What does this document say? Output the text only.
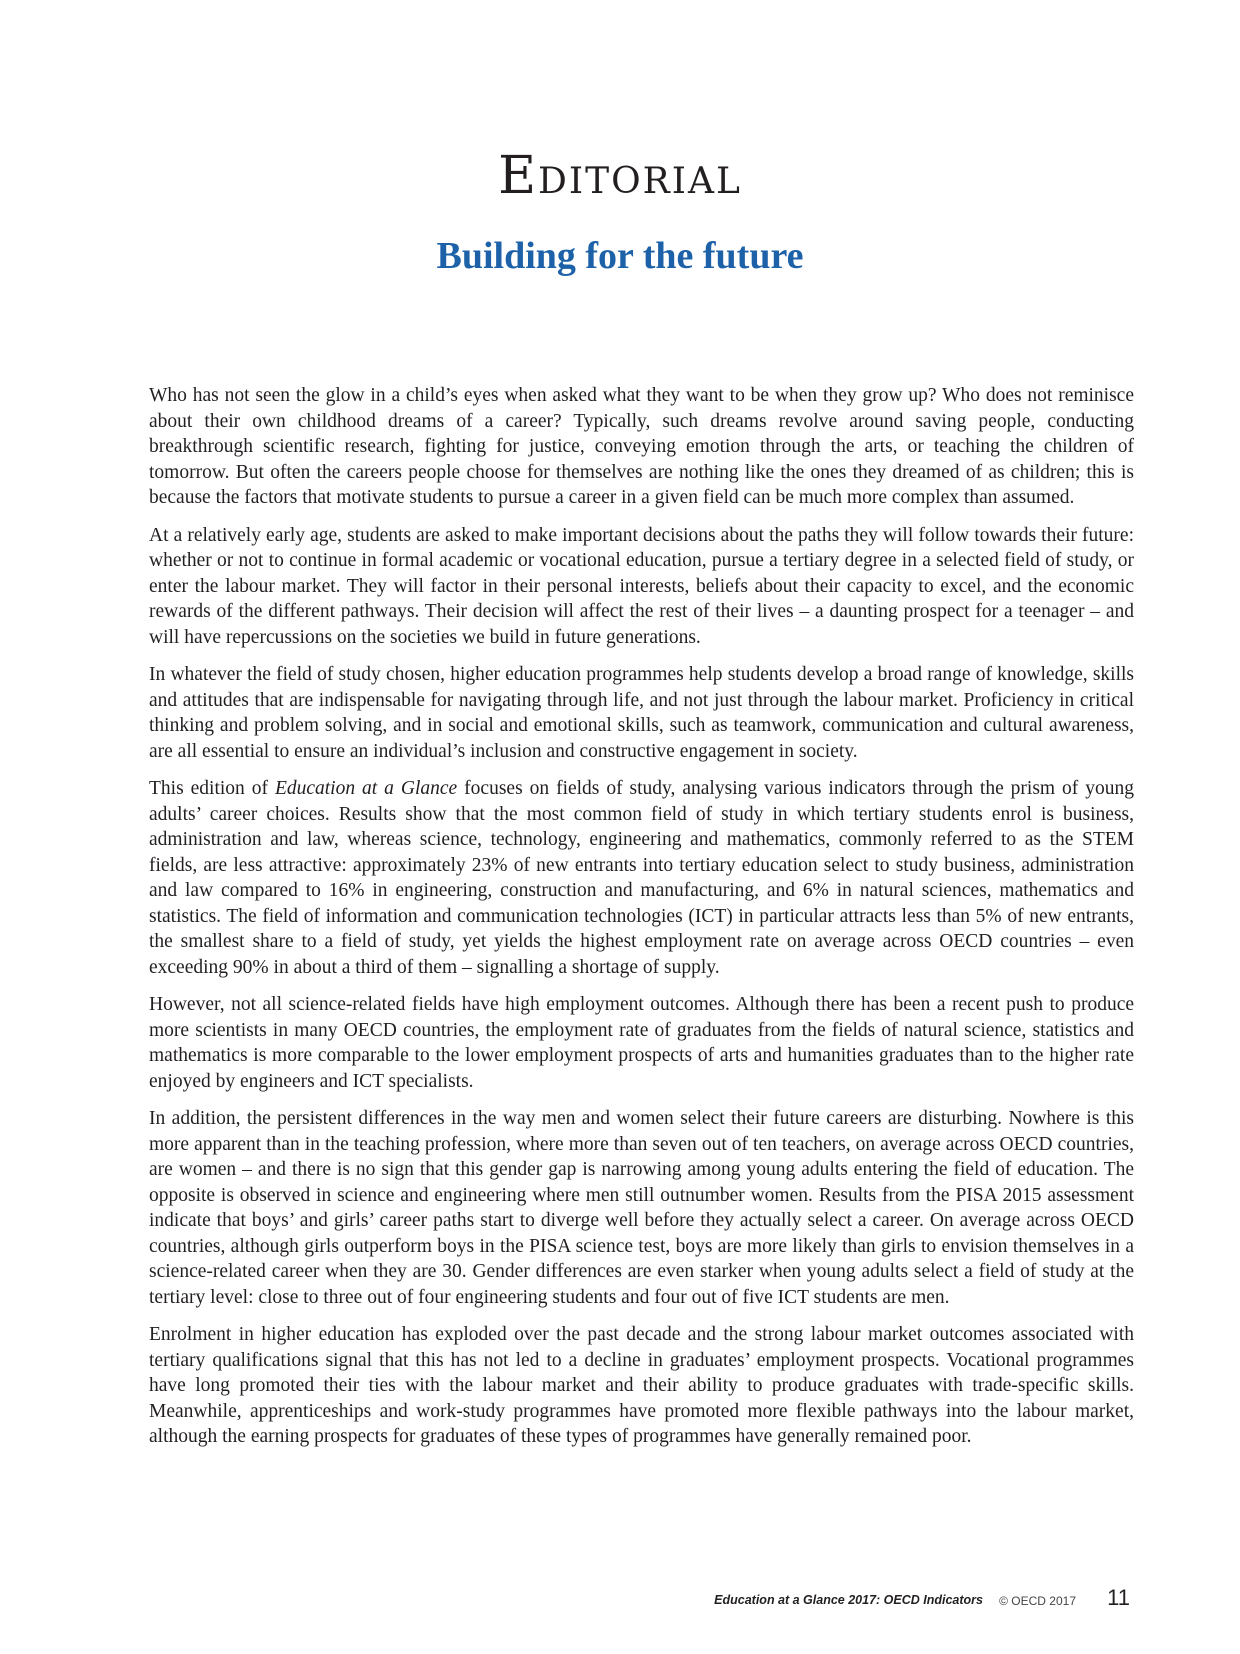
Editorial
Building for the future

Who has not seen the glow in a child’s eyes when asked what they want to be when they grow up? Who does not reminisce about their own childhood dreams of a career? Typically, such dreams revolve around saving people, conducting breakthrough scientific research, fighting for justice, conveying emotion through the arts, or teaching the children of tomorrow. But often the careers people choose for themselves are nothing like the ones they dreamed of as children; this is because the factors that motivate students to pursue a career in a given field can be much more complex than assumed.

At a relatively early age, students are asked to make important decisions about the paths they will follow towards their future: whether or not to continue in formal academic or vocational education, pursue a tertiary degree in a selected field of study, or enter the labour market. They will factor in their personal interests, beliefs about their capacity to excel, and the economic rewards of the different pathways. Their decision will affect the rest of their lives – a daunting prospect for a teenager – and will have repercussions on the societies we build in future generations.

In whatever the field of study chosen, higher education programmes help students develop a broad range of knowledge, skills and attitudes that are indispensable for navigating through life, and not just through the labour market. Proficiency in critical thinking and problem solving, and in social and emotional skills, such as teamwork, communication and cultural awareness, are all essential to ensure an individual’s inclusion and constructive engagement in society.

This edition of Education at a Glance focuses on fields of study, analysing various indicators through the prism of young adults’ career choices. Results show that the most common field of study in which tertiary students enrol is business, administration and law, whereas science, technology, engineering and mathematics, commonly referred to as the STEM fields, are less attractive: approximately 23% of new entrants into tertiary education select to study business, administration and law compared to 16% in engineering, construction and manufacturing, and 6% in natural sciences, mathematics and statistics. The field of information and communication technologies (ICT) in particular attracts less than 5% of new entrants, the smallest share to a field of study, yet yields the highest employment rate on average across OECD countries – even exceeding 90% in about a third of them – signalling a shortage of supply.

However, not all science-related fields have high employment outcomes. Although there has been a recent push to produce more scientists in many OECD countries, the employment rate of graduates from the fields of natural science, statistics and mathematics is more comparable to the lower employment prospects of arts and humanities graduates than to the higher rate enjoyed by engineers and ICT specialists.

In addition, the persistent differences in the way men and women select their future careers are disturbing. Nowhere is this more apparent than in the teaching profession, where more than seven out of ten teachers, on average across OECD countries, are women – and there is no sign that this gender gap is narrowing among young adults entering the field of education. The opposite is observed in science and engineering where men still outnumber women. Results from the PISA 2015 assessment indicate that boys’ and girls’ career paths start to diverge well before they actually select a career. On average across OECD countries, although girls outperform boys in the PISA science test, boys are more likely than girls to envision themselves in a science-related career when they are 30. Gender differences are even starker when young adults select a field of study at the tertiary level: close to three out of four engineering students and four out of five ICT students are men.

Enrolment in higher education has exploded over the past decade and the strong labour market outcomes associated with tertiary qualifications signal that this has not led to a decline in graduates’ employment prospects. Vocational programmes have long promoted their ties with the labour market and their ability to produce graduates with trade-specific skills. Meanwhile, apprenticeships and work-study programmes have promoted more flexible pathways into the labour market, although the earning prospects for graduates of these types of programmes have generally remained poor.

Education at a Glance 2017: OECD Indicators © OECD 2017 11
